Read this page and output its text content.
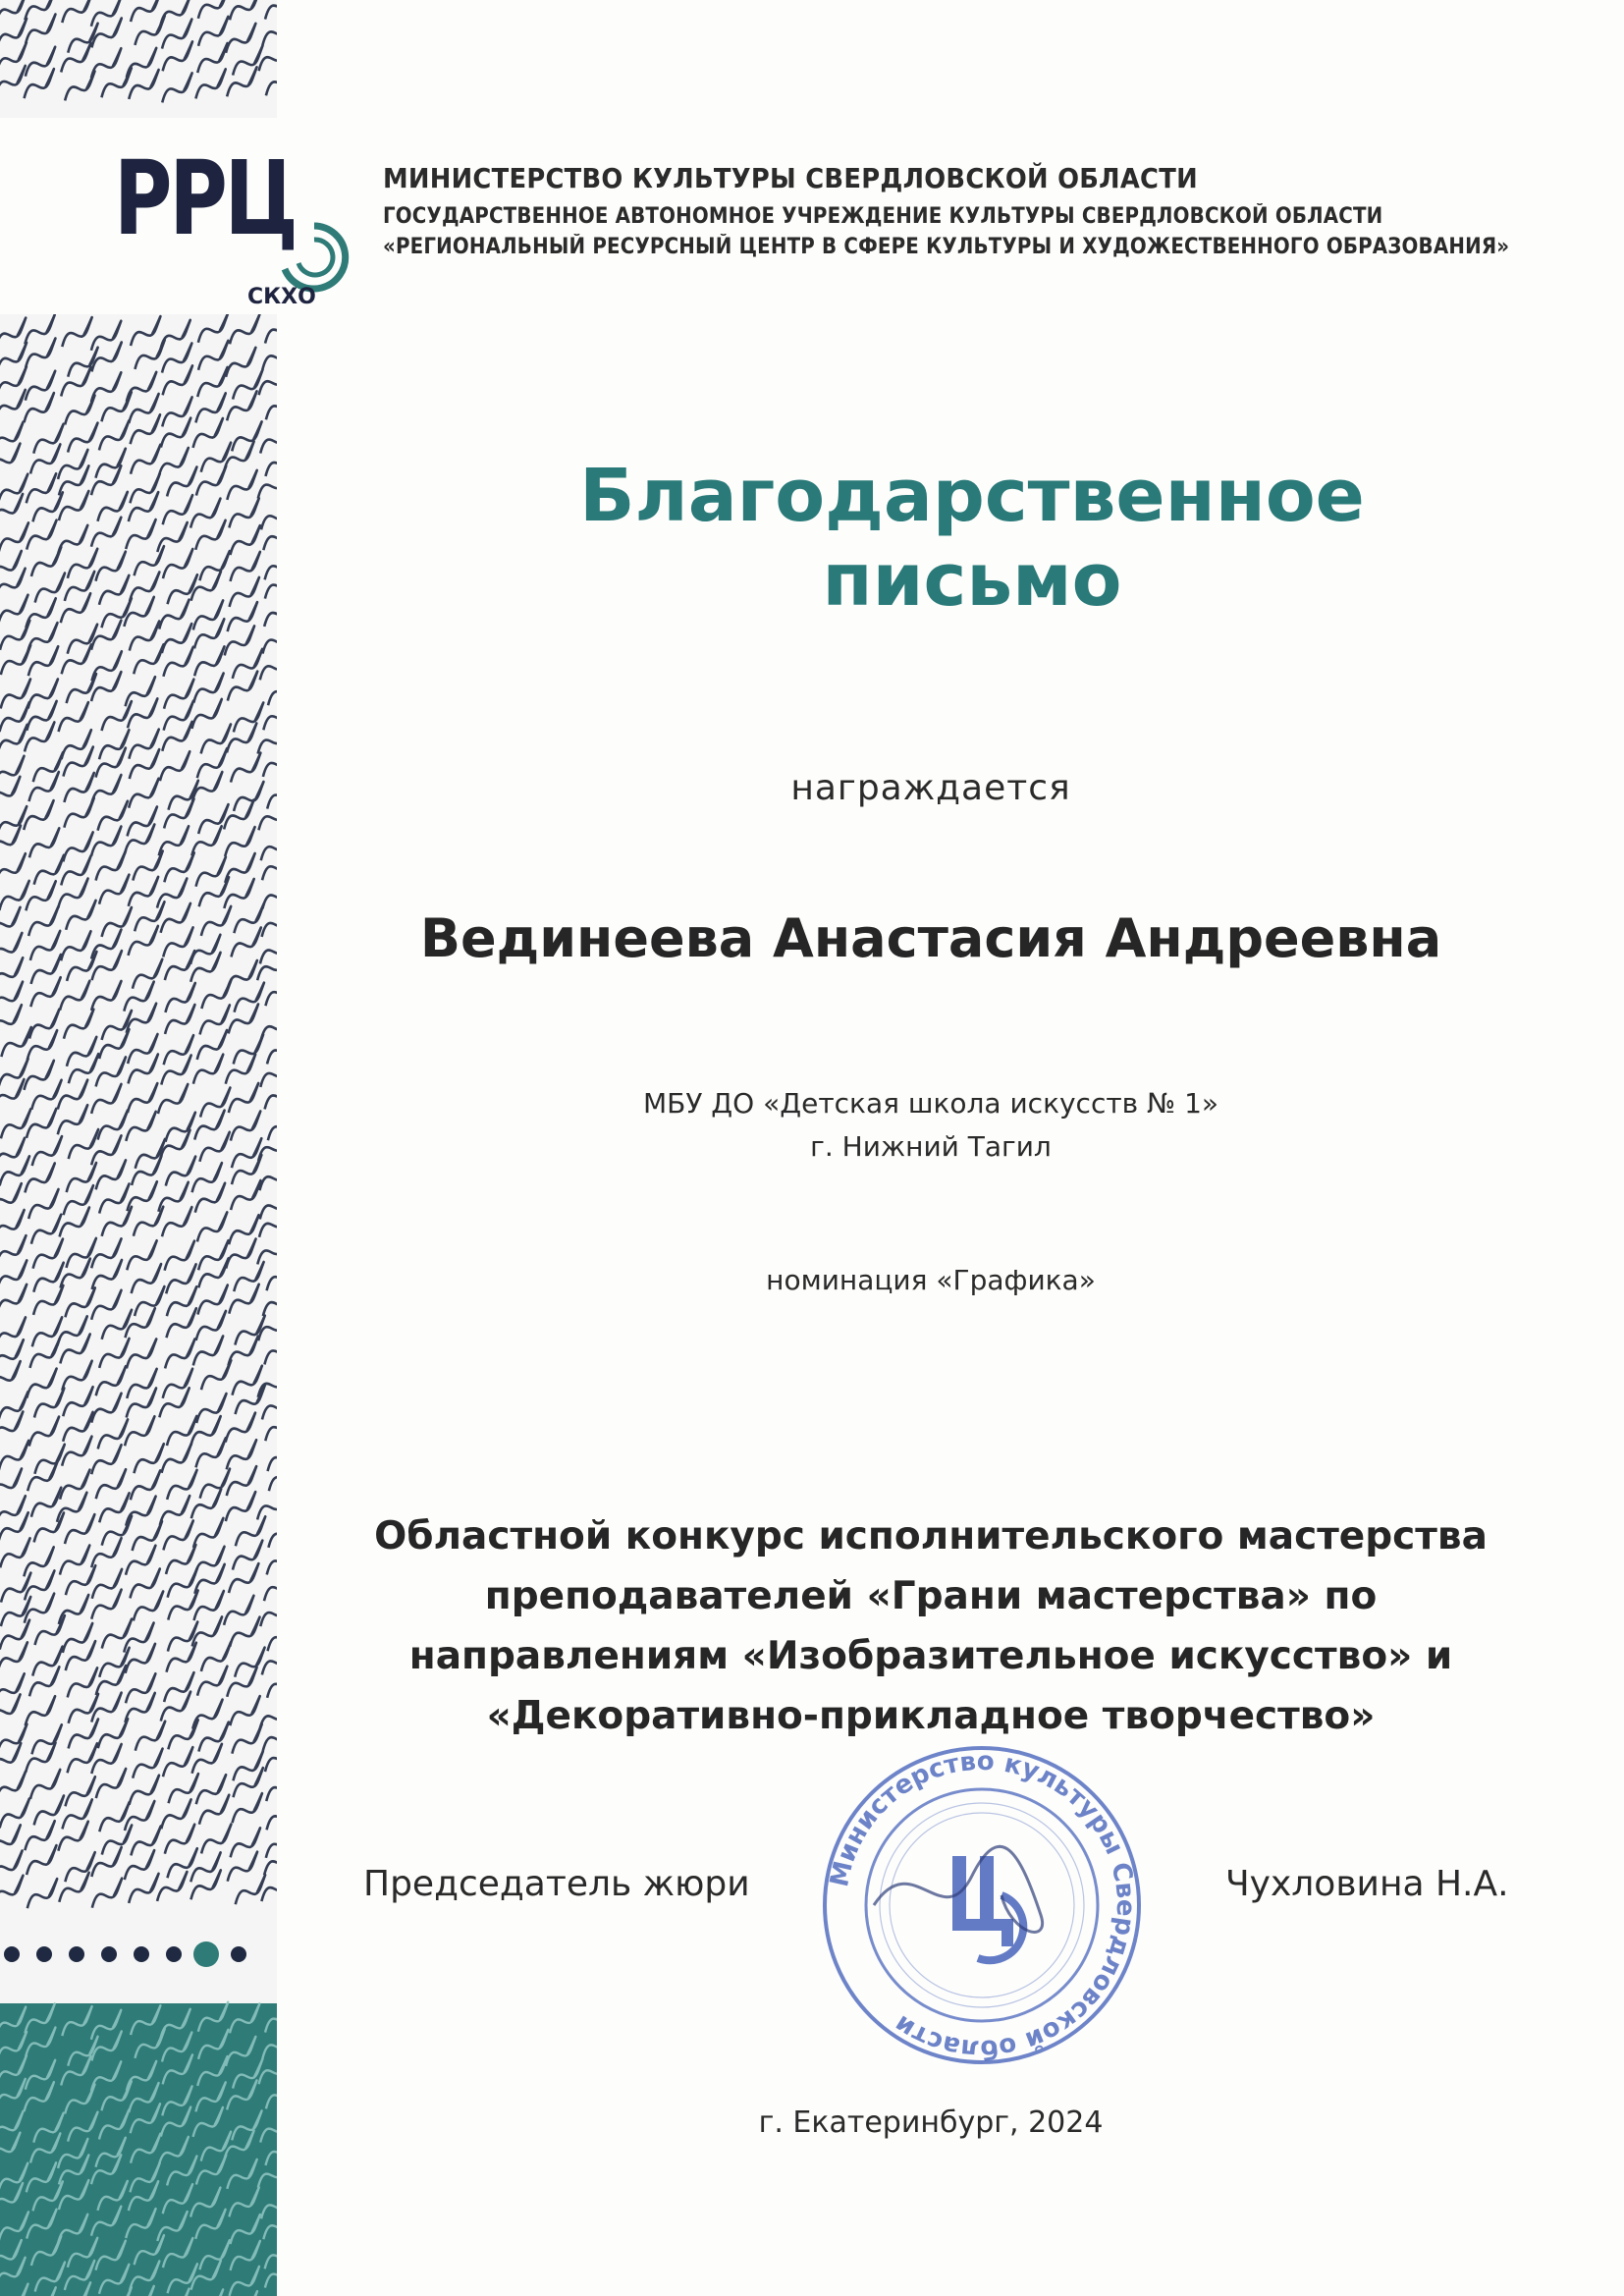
РРЦ
СКХО
МИНИСТЕРСТВО КУЛЬТУРЫ СВЕРДЛОВСКОЙ ОБЛАСТИ
ГОСУДАРСТВЕННОЕ АВТОНОМНОЕ УЧРЕЖДЕНИЕ КУЛЬТУРЫ СВЕРДЛОВСКОЙ ОБЛАСТИ
«РЕГИОНАЛЬНЫЙ РЕСУРСНЫЙ ЦЕНТР В СФЕРЕ КУЛЬТУРЫ И ХУДОЖЕСТВЕННОГО ОБРАЗОВАНИЯ»
Благодарственное
письмо
награждается
Вединеева Анастасия Андреевна
МБУ ДО «Детская школа искусств № 1»
г. Нижний Тагил
номинация «Графика»
Областной конкурс исполнительского мастерства
преподавателей «Грани мастерства» по
направлениям «Изобразительное искусство» и
«Декоративно-прикладное творчество»
Председатель жюри	Министерство культуры Свердловской области
Чухловина Н.А.
г. Екатеринбург, 2024
